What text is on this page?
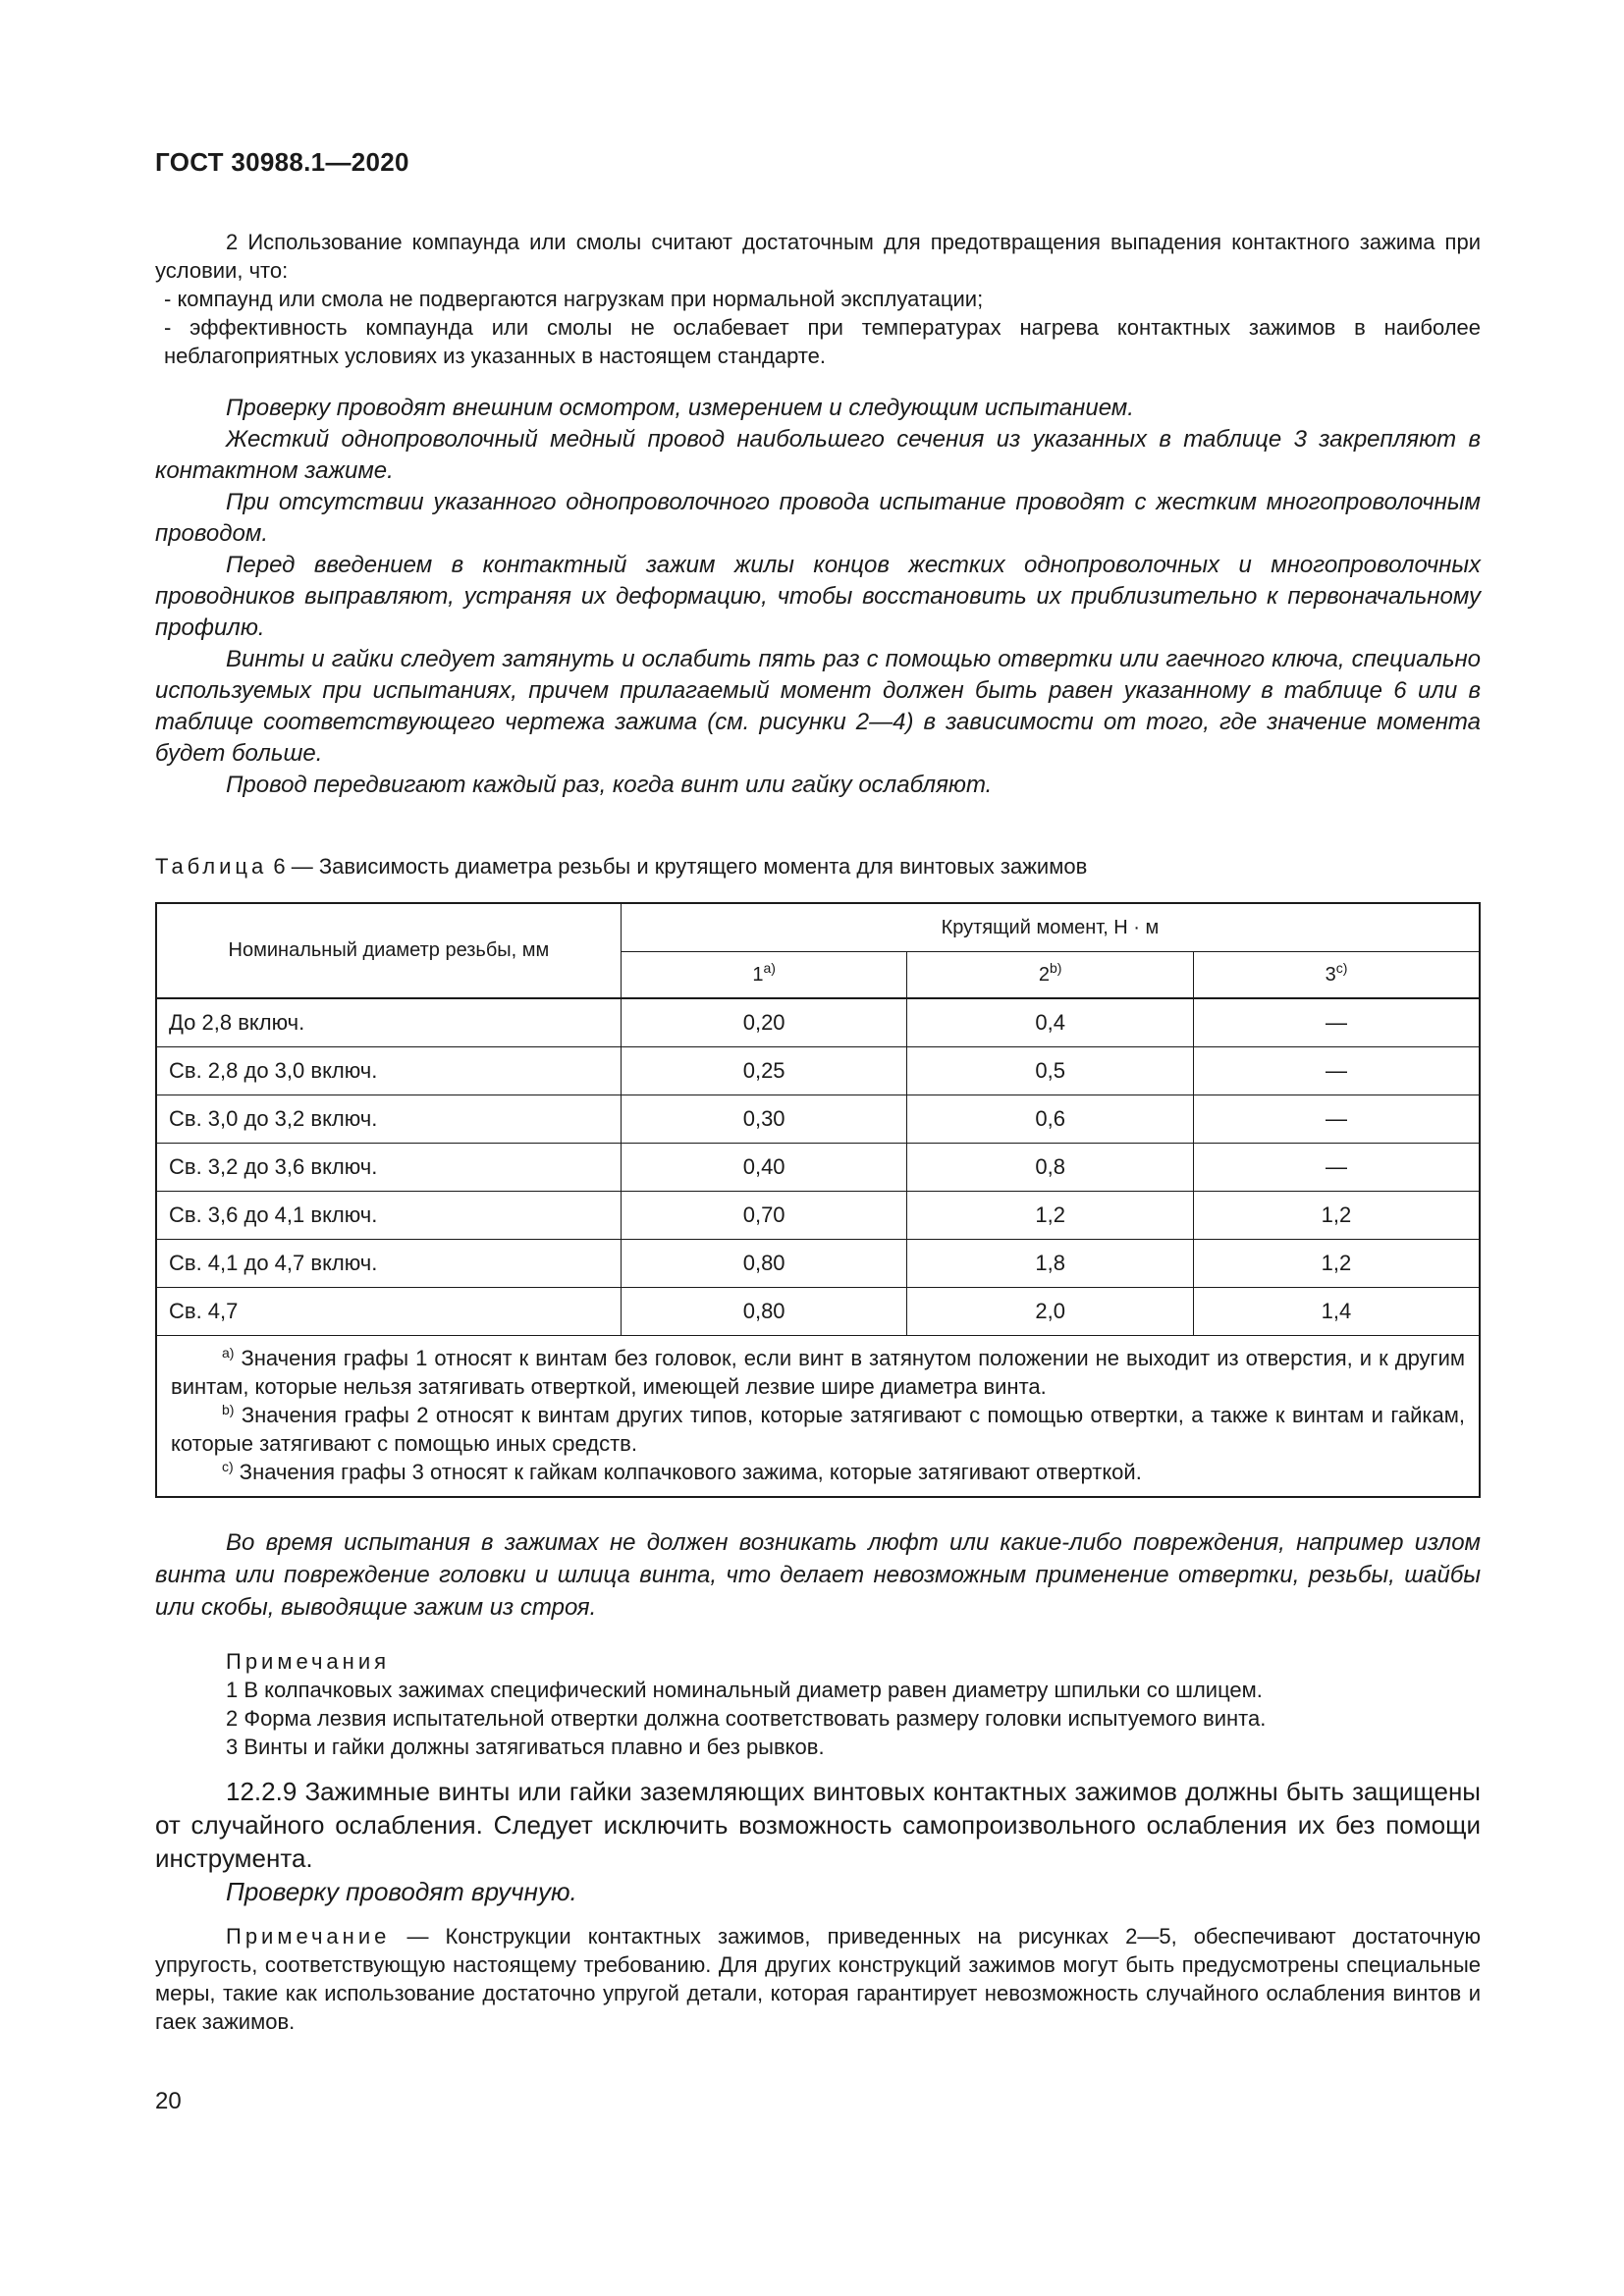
ГОСТ 30988.1—2020

2 Использование компаунда или смолы считают достаточным для предотвращения выпадения контактного зажима при условии, что:

- компаунд или смола не подвергаются нагрузкам при нормальной эксплуатации;

- эффективность компаунда или смолы не ослабевает при температурах нагрева контактных зажимов в наиболее неблагоприятных условиях из указанных в настоящем стандарте.

Проверку проводят внешним осмотром, измерением и следующим испытанием.

Жесткий однопроволочный медный провод наибольшего сечения из указанных в таблице 3 закрепляют в контактном зажиме.

При отсутствии указанного однопроволочного провода испытание проводят с жестким многопроволочным проводом.

Перед введением в контактный зажим жилы концов жестких однопроволочных и многопроволочных проводников выправляют, устраняя их деформацию, чтобы восстановить их приблизительно к первоначальному профилю.

Винты и гайки следует затянуть и ослабить пять раз с помощью отвертки или гаечного ключа, специально используемых при испытаниях, причем прилагаемый момент должен быть равен указанному в таблице 6 или в таблице соответствующего чертежа зажима (см. рисунки 2—4) в зависимости от того, где значение момента будет больше.

Провод передвигают каждый раз, когда винт или гайку ослабляют.

Таблица 6 — Зависимость диаметра резьбы и крутящего момента для винтовых зажимов
Номинальный диаметр резьбы, мм	Крутящий момент, Н · м		
	1$^{a)}$	2$^{b)}$	3$^{c)}$
До 2,8 включ.	0,20	0,4	—
Св. 2,8 до 3,0 включ.	0,25	0,5	—
Св. 3,0 до 3,2 включ.	0,30	0,6	—
Св. 3,2 до 3,6 включ.	0,40	0,8	—
Св. 3,6 до 4,1 включ.	0,70	1,2	1,2
Св. 4,1 до 4,7 включ.	0,80	1,8	1,2
Св. 4,7	0,80	2,0	1,4

$^{a)}$ Значения графы 1 относят к винтам без головок, если винт в затянутом положении не выходит из отверстия, и к другим винтам, которые нельзя затягивать отверткой, имеющей лезвие шире диаметра винта.

$^{b)}$ Значения графы 2 относят к винтам других типов, которые затягивают с помощью отвертки, а также к винтам и гайкам, которые затягивают с помощью иных средств.

$^{c)}$ Значения графы 3 относят к гайкам колпачкового зажима, которые затягивают отверткой.			

Во время испытания в зажимах не должен возникать люфт или какие-либо повреждения, например излом винта или повреждение головки и шлица винта, что делает невозможным применение отвертки, резьбы, шайбы или скобы, выводящие зажим из строя.

Примечания

1 В колпачковых зажимах специфический номинальный диаметр равен диаметру шпильки со шлицем.

2 Форма лезвия испытательной отвертки должна соответствовать размеру головки испытуемого винта.

3 Винты и гайки должны затягиваться плавно и без рывков.

12.2.9 Зажимные винты или гайки заземляющих винтовых контактных зажимов должны быть защищены от случайного ослабления. Следует исключить возможность самопроизвольного ослабления их без помощи инструмента.

Проверку проводят вручную.

Примечание — Конструкции контактных зажимов, приведенных на рисунках 2—5, обеспечивают достаточную упругость, соответствующую настоящему требованию. Для других конструкций зажимов могут быть предусмотрены специальные меры, такие как использование достаточно упругой детали, которая гарантирует невозможность случайного ослабления винтов и гаек зажимов.

20
